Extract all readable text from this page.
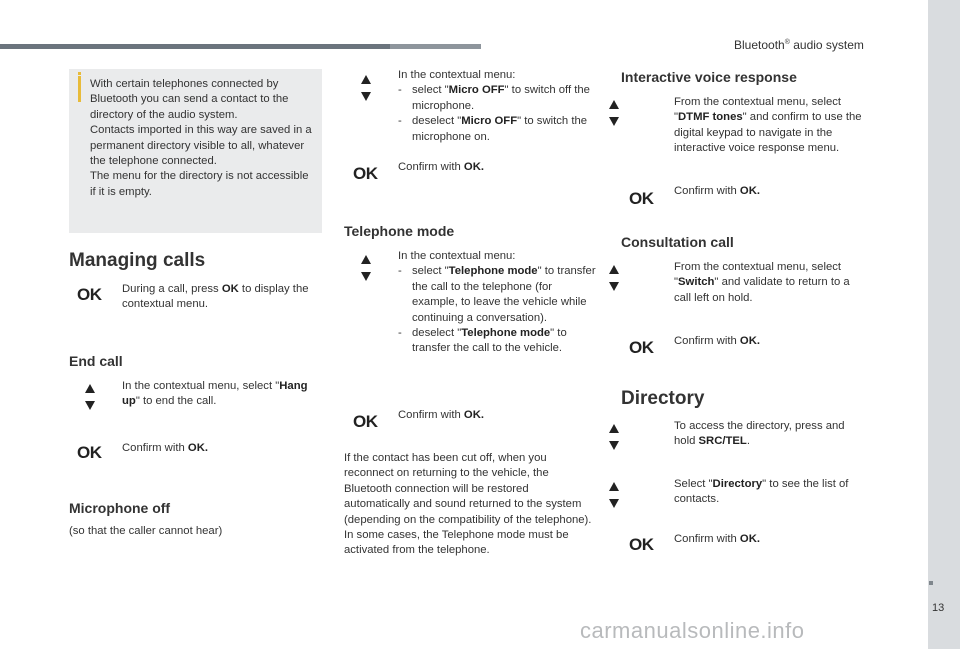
Bluetooth® audio system
13
carmanualsonline.info

With certain telephones connected by Bluetooth you can send a contact to the directory of the audio system.

Contacts imported in this way are saved in a permanent directory visible to all, whatever the telephone connected.

The menu for the directory is not accessible if it is empty.

Managing calls
OK During a call, press OK to display the contextual menu.
End call
In the contextual menu, select "Hang up" to end the call.
OK Confirm with OK.
Microphone off
(so that the caller cannot hear)
In the contextual menu:
- select "Micro OFF" to switch off the microphone.
- deselect "Micro OFF" to switch the microphone on.
OK Confirm with OK.
Telephone mode
In the contextual menu:
- select "Telephone mode" to transfer the call to the telephone (for example, to leave the vehicle while continuing a conversation).
- deselect "Telephone mode" to transfer the call to the vehicle.
OK Confirm with OK.
If the contact has been cut off, when you reconnect on returning to the vehicle, the Bluetooth connection will be restored automatically and sound returned to the system (depending on the compatibility of the telephone).
In some cases, the Telephone mode must be activated from the telephone.
Interactive voice response
From the contextual menu, select "DTMF tones" and confirm to use the digital keypad to navigate in the interactive voice response menu.
OK Confirm with OK.
Consultation call
From the contextual menu, select "Switch" and validate to return to a call left on hold.
OK Confirm with OK.
Directory
To access the directory, press and hold SRC/TEL.
Select "Directory" to see the list of contacts.
OK Confirm with OK.
